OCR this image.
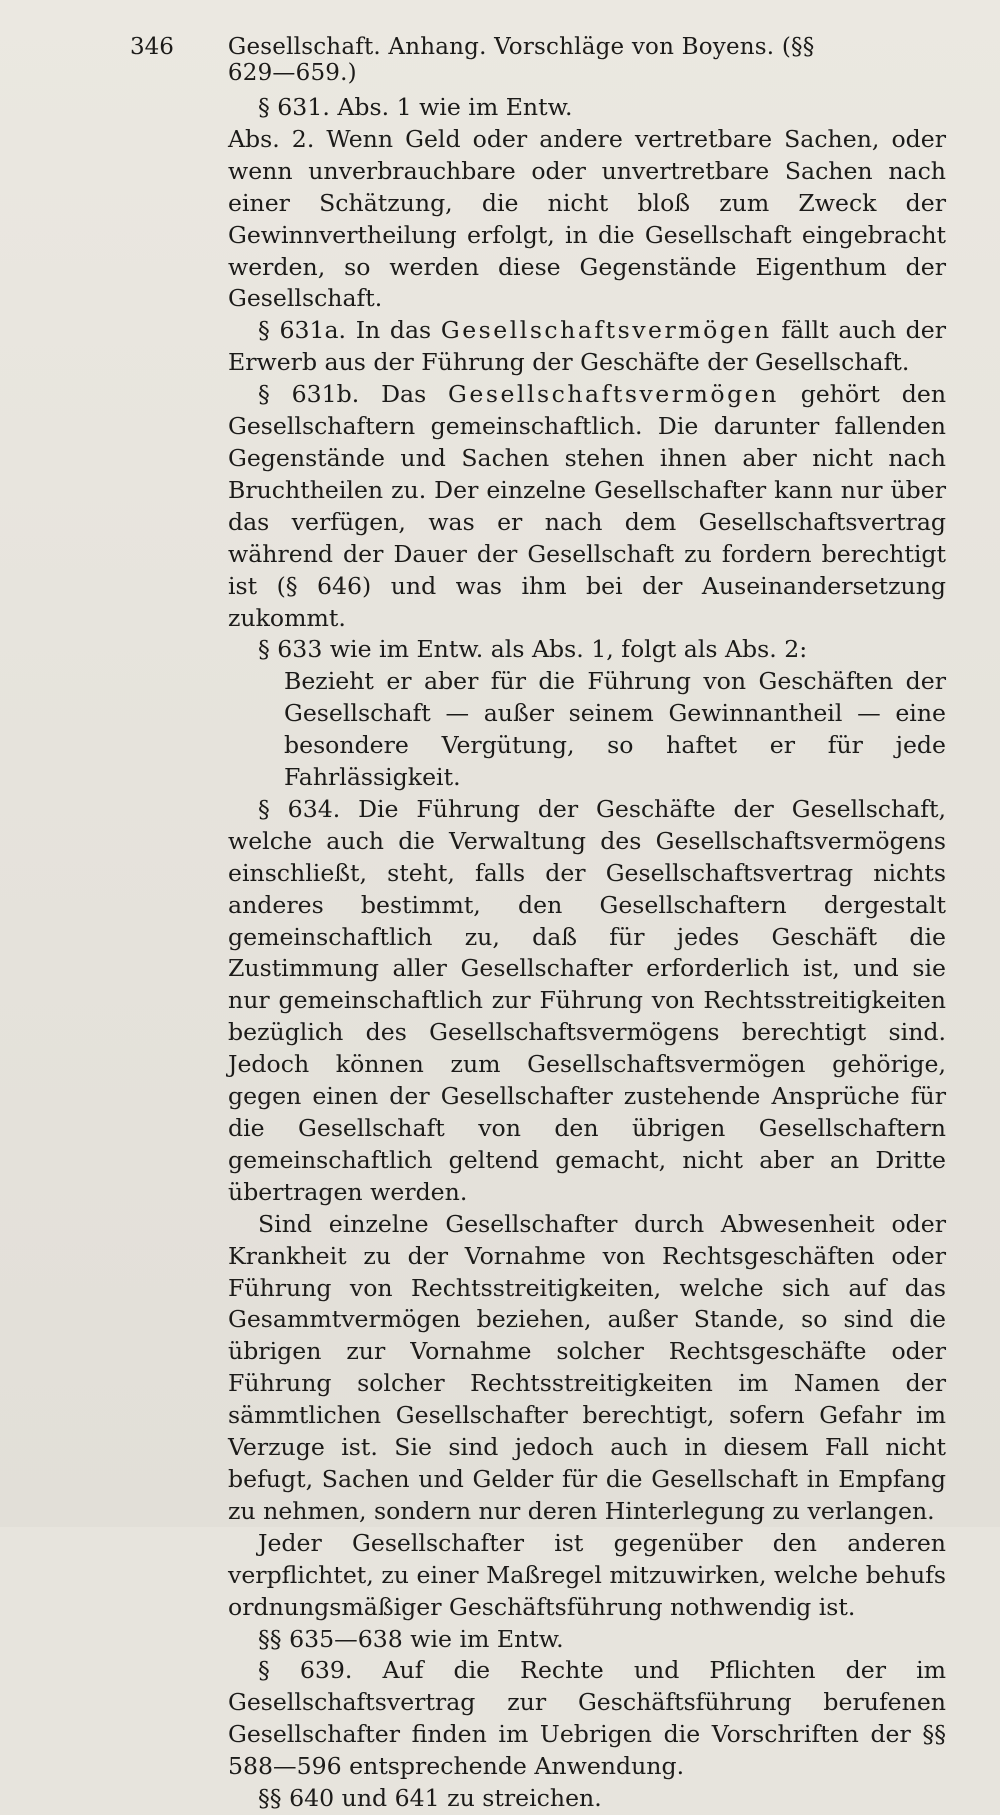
346 Gesellschaft. Anhang. Vorschläge von Boyens. (§§ 629—659.)

§ 631. Abs. 1 wie im Entw.

Abs. 2. Wenn Geld oder andere vertretbare Sachen, oder wenn unverbrauchbare oder unvertretbare Sachen nach einer Schätzung, die nicht bloß zum Zweck der Gewinnvertheilung erfolgt, in die Gesellschaft eingebracht werden, so werden diese Gegenstände Eigenthum der Gesellschaft.

§ 631a. In das Gesellschaftsvermögen fällt auch der Erwerb aus der Führung der Geschäfte der Gesellschaft.

§ 631b. Das Gesellschaftsvermögen gehört den Gesellschaftern gemeinschaftlich. Die darunter fallenden Gegenstände und Sachen stehen ihnen aber nicht nach Bruchtheilen zu. Der einzelne Gesellschafter kann nur über das verfügen, was er nach dem Gesellschaftsvertrag während der Dauer der Gesellschaft zu fordern berechtigt ist (§ 646) und was ihm bei der Auseinandersetzung zukommt.

§ 633 wie im Entw. als Abs. 1, folgt als Abs. 2:

Bezieht er aber für die Führung von Geschäften der Gesellschaft — außer seinem Gewinnantheil — eine besondere Vergütung, so haftet er für jede Fahrlässigkeit.

§ 634. Die Führung der Geschäfte der Gesellschaft, welche auch die Verwaltung des Gesellschaftsvermögens einschließt, steht, falls der Gesellschaftsvertrag nichts anderes bestimmt, den Gesellschaftern dergestalt gemeinschaftlich zu, daß für jedes Geschäft die Zustimmung aller Gesellschafter erforderlich ist, und sie nur gemeinschaftlich zur Führung von Rechtsstreitigkeiten bezüglich des Gesellschaftsvermögens berechtigt sind. Jedoch können zum Gesellschaftsvermögen gehörige, gegen einen der Gesellschafter zustehende Ansprüche für die Gesellschaft von den übrigen Gesellschaftern gemeinschaftlich geltend gemacht, nicht aber an Dritte übertragen werden.

Sind einzelne Gesellschafter durch Abwesenheit oder Krankheit zu der Vornahme von Rechtsgeschäften oder Führung von Rechtsstreitigkeiten, welche sich auf das Gesammtvermögen beziehen, außer Stande, so sind die übrigen zur Vornahme solcher Rechtsgeschäfte oder Führung solcher Rechtsstreitigkeiten im Namen der sämmtlichen Gesellschafter berechtigt, sofern Gefahr im Verzuge ist. Sie sind jedoch auch in diesem Fall nicht befugt, Sachen und Gelder für die Gesellschaft in Empfang zu nehmen, sondern nur deren Hinterlegung zu verlangen.

Jeder Gesellschafter ist gegenüber den anderen verpflichtet, zu einer Maßregel mitzuwirken, welche behufs ordnungsmäßiger Geschäftsführung nothwendig ist.

§§ 635—638 wie im Entw.

§ 639. Auf die Rechte und Pflichten der im Gesellschaftsvertrag zur Geschäftsführung berufenen Gesellschafter finden im Uebrigen die Vorschriften der §§ 588—596 entsprechende Anwendung.

§§ 640 und 641 zu streichen.
